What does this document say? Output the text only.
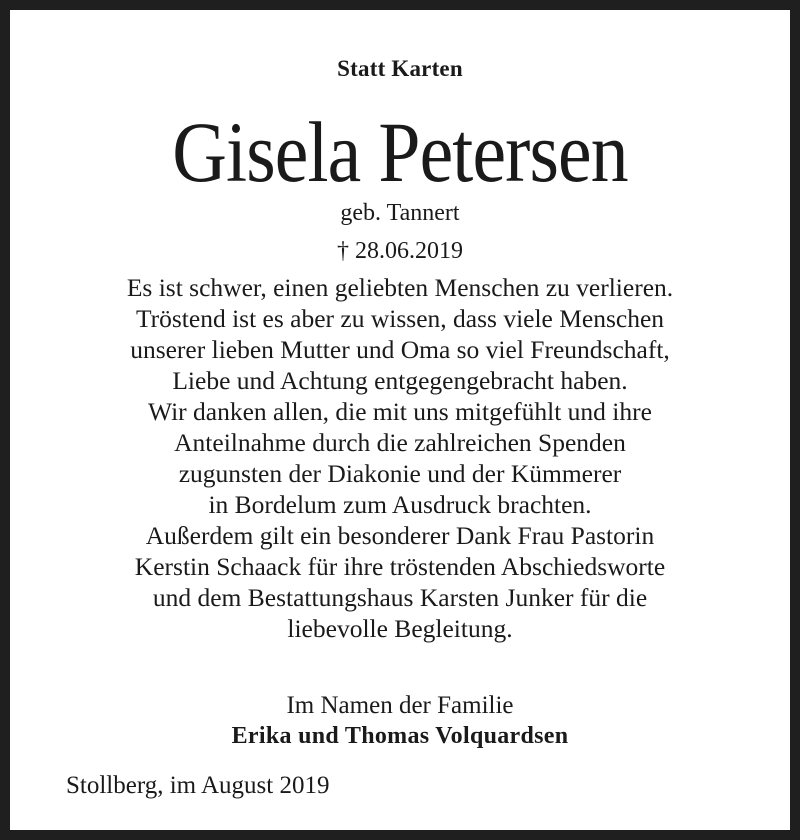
Statt Karten
Gisela Petersen
geb. Tannert
† 28.06.2019
Es ist schwer, einen geliebten Menschen zu verlieren.
Tröstend ist es aber zu wissen, dass viele Menschen
unserer lieben Mutter und Oma so viel Freundschaft,
Liebe und Achtung entgegengebracht haben.
Wir danken allen, die mit uns mitgefühlt und ihre
Anteilnahme durch die zahlreichen Spenden
zugunsten der Diakonie und der Kümmerer
in Bordelum zum Ausdruck brachten.
Außerdem gilt ein besonderer Dank Frau Pastorin
Kerstin Schaack für ihre tröstenden Abschiedsworte
und dem Bestattungshaus Karsten Junker für die
liebevolle Begleitung.
Im Namen der Familie
Erika und Thomas Volquardsen
Stollberg, im August 2019
